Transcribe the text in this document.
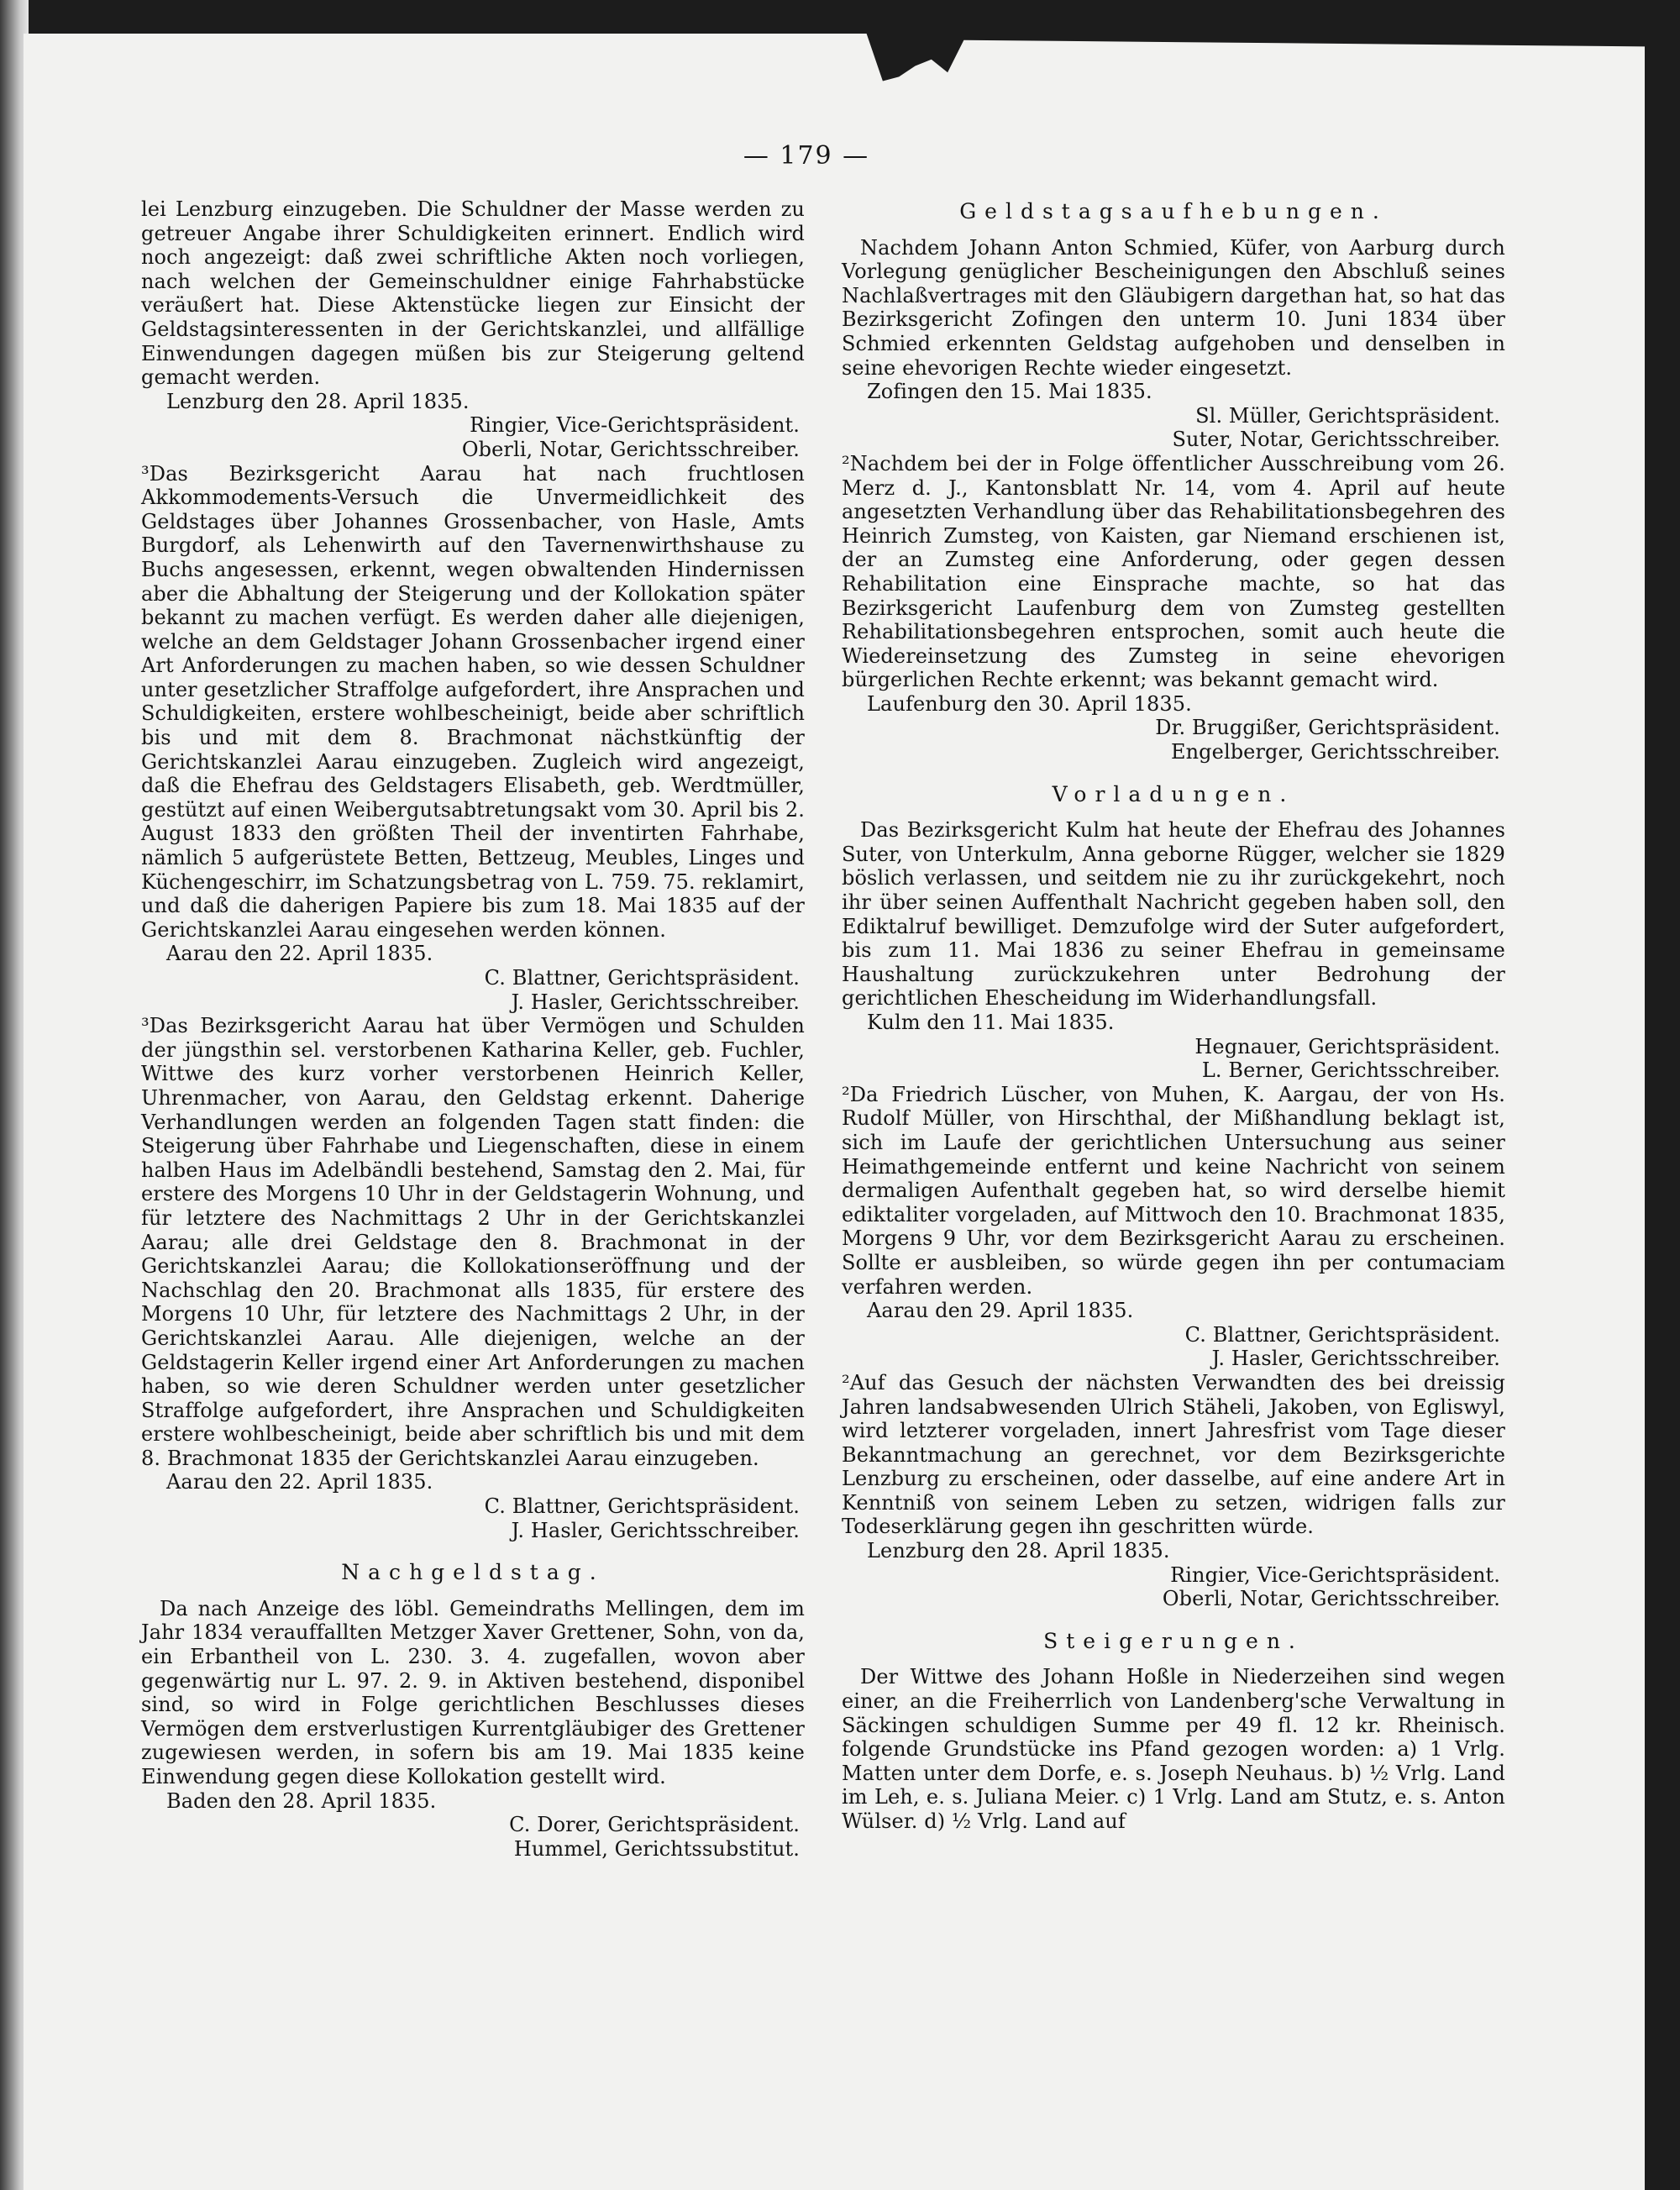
— 179 —

lei Lenzburg einzugeben. Die Schuldner der Masse werden zu getreuer Angabe ihrer Schuldigkeiten erinnert. Endlich wird noch angezeigt: daß zwei schriftliche Akten noch vorliegen, nach welchen der Gemeinschuldner einige Fahrhabstücke veräußert hat. Diese Aktenstücke liegen zur Einsicht der Geldstagsinteressenten in der Gerichtskanzlei, und allfällige Einwendungen dagegen müßen bis zur Steigerung geltend gemacht werden.

Lenzburg den 28. April 1835.

Ringier, Vice-Gerichtspräsident.

Oberli, Notar, Gerichtsschreiber.

³Das Bezirksgericht Aarau hat nach fruchtlosen Akkommodements-Versuch die Unvermeidlichkeit des Geldstages über Johannes Grossenbacher, von Hasle, Amts Burgdorf, als Lehenwirth auf den Tavernenwirthshause zu Buchs angesessen, erkennt, wegen obwaltenden Hindernissen aber die Abhaltung der Steigerung und der Kollokation später bekannt zu machen verfügt. Es werden daher alle diejenigen, welche an dem Geldstager Johann Grossenbacher irgend einer Art Anforderungen zu machen haben, so wie dessen Schuldner unter gesetzlicher Straffolge aufgefordert, ihre Ansprachen und Schuldigkeiten, erstere wohlbescheinigt, beide aber schriftlich bis und mit dem 8. Brachmonat nächstkünftig der Gerichtskanzlei Aarau einzugeben. Zugleich wird angezeigt, daß die Ehefrau des Geldstagers Elisabeth, geb. Werdtmüller, gestützt auf einen Weibergutsabtretungsakt vom 30. April bis 2. August 1833 den größten Theil der inventirten Fahrhabe, nämlich 5 aufgerüstete Betten, Bettzeug, Meubles, Linges und Küchengeschirr, im Schatzungsbetrag von L. 759. 75. reklamirt, und daß die daherigen Papiere bis zum 18. Mai 1835 auf der Gerichtskanzlei Aarau eingesehen werden können.

Aarau den 22. April 1835.

C. Blattner, Gerichtspräsident.

J. Hasler, Gerichtsschreiber.

³Das Bezirksgericht Aarau hat über Vermögen und Schulden der jüngsthin sel. verstorbenen Katharina Keller, geb. Fuchler, Wittwe des kurz vorher verstorbenen Heinrich Keller, Uhrenmacher, von Aarau, den Geldstag erkennt. Daherige Verhandlungen werden an folgenden Tagen statt finden: die Steigerung über Fahrhabe und Liegenschaften, diese in einem halben Haus im Adelbändli bestehend, Samstag den 2. Mai, für erstere des Morgens 10 Uhr in der Geldstagerin Wohnung, und für letztere des Nachmittags 2 Uhr in der Gerichtskanzlei Aarau; alle drei Geldstage den 8. Brachmonat in der Gerichtskanzlei Aarau; die Kollokationseröffnung und der Nachschlag den 20. Brachmonat alls 1835, für erstere des Morgens 10 Uhr, für letztere des Nachmittags 2 Uhr, in der Gerichtskanzlei Aarau. Alle diejenigen, welche an der Geldstagerin Keller irgend einer Art Anforderungen zu machen haben, so wie deren Schuldner werden unter gesetzlicher Straffolge aufgefordert, ihre Ansprachen und Schuldigkeiten erstere wohlbescheinigt, beide aber schriftlich bis und mit dem 8. Brachmonat 1835 der Gerichtskanzlei Aarau einzugeben.

Aarau den 22. April 1835.

C. Blattner, Gerichtspräsident.

J. Hasler, Gerichtsschreiber.

Nachgeldstag.

Da nach Anzeige des löbl. Gemeindraths Mellingen, dem im Jahr 1834 verauffallten Metzger Xaver Grettener, Sohn, von da, ein Erbantheil von L. 230. 3. 4. zugefallen, wovon aber gegenwärtig nur L. 97. 2. 9. in Aktiven bestehend, disponibel sind, so wird in Folge gerichtlichen Beschlusses dieses Vermögen dem erstverlustigen Kurrentgläubiger des Grettener zugewiesen werden, in sofern bis am 19. Mai 1835 keine Einwendung gegen diese Kollokation gestellt wird.

Baden den 28. April 1835.

C. Dorer, Gerichtspräsident.

Hummel, Gerichtssubstitut.

Geldstagsaufhebungen.

Nachdem Johann Anton Schmied, Küfer, von Aarburg durch Vorlegung genüglicher Bescheinigungen den Abschluß seines Nachlaßvertrages mit den Gläubigern dargethan hat, so hat das Bezirksgericht Zofingen den unterm 10. Juni 1834 über Schmied erkennten Geldstag aufgehoben und denselben in seine ehevorigen Rechte wieder eingesetzt.

Zofingen den 15. Mai 1835.

Sl. Müller, Gerichtspräsident.

Suter, Notar, Gerichtsschreiber.

²Nachdem bei der in Folge öffentlicher Ausschreibung vom 26. Merz d. J., Kantonsblatt Nr. 14, vom 4. April auf heute angesetzten Verhandlung über das Rehabilitationsbegehren des Heinrich Zumsteg, von Kaisten, gar Niemand erschienen ist, der an Zumsteg eine Anforderung, oder gegen dessen Rehabilitation eine Einsprache machte, so hat das Bezirksgericht Laufenburg dem von Zumsteg gestellten Rehabilitationsbegehren entsprochen, somit auch heute die Wiedereinsetzung des Zumsteg in seine ehevorigen bürgerlichen Rechte erkennt; was bekannt gemacht wird.

Laufenburg den 30. April 1835.

Dr. Bruggißer, Gerichtspräsident.

Engelberger, Gerichtsschreiber.

Vorladungen.

Das Bezirksgericht Kulm hat heute der Ehefrau des Johannes Suter, von Unterkulm, Anna geborne Rügger, welcher sie 1829 böslich verlassen, und seitdem nie zu ihr zurückgekehrt, noch ihr über seinen Auffenthalt Nachricht gegeben haben soll, den Ediktalruf bewilliget. Demzufolge wird der Suter aufgefordert, bis zum 11. Mai 1836 zu seiner Ehefrau in gemeinsame Haushaltung zurückzukehren unter Bedrohung der gerichtlichen Ehescheidung im Widerhandlungsfall.

Kulm den 11. Mai 1835.

Hegnauer, Gerichtspräsident.

L. Berner, Gerichtsschreiber.

²Da Friedrich Lüscher, von Muhen, K. Aargau, der von Hs. Rudolf Müller, von Hirschthal, der Mißhandlung beklagt ist, sich im Laufe der gerichtlichen Untersuchung aus seiner Heimathgemeinde entfernt und keine Nachricht von seinem dermaligen Aufenthalt gegeben hat, so wird derselbe hiemit ediktaliter vorgeladen, auf Mittwoch den 10. Brachmonat 1835, Morgens 9 Uhr, vor dem Bezirksgericht Aarau zu erscheinen. Sollte er ausbleiben, so würde gegen ihn per contumaciam verfahren werden.

Aarau den 29. April 1835.

C. Blattner, Gerichtspräsident.

J. Hasler, Gerichtsschreiber.

²Auf das Gesuch der nächsten Verwandten des bei dreissig Jahren landsabwesenden Ulrich Stäheli, Jakoben, von Egliswyl, wird letzterer vorgeladen, innert Jahresfrist vom Tage dieser Bekanntmachung an gerechnet, vor dem Bezirksgerichte Lenzburg zu erscheinen, oder dasselbe, auf eine andere Art in Kenntniß von seinem Leben zu setzen, widrigen falls zur Todeserklärung gegen ihn geschritten würde.

Lenzburg den 28. April 1835.

Ringier, Vice-Gerichtspräsident.

Oberli, Notar, Gerichtsschreiber.

Steigerungen.

Der Wittwe des Johann Hoßle in Niederzeihen sind wegen einer, an die Freiherrlich von Landenberg'sche Verwaltung in Säckingen schuldigen Summe per 49 fl. 12 kr. Rheinisch. folgende Grundstücke ins Pfand gezogen worden: a) 1 Vrlg. Matten unter dem Dorfe, e. s. Joseph Neuhaus. b) ½ Vrlg. Land im Leh, e. s. Juliana Meier. c) 1 Vrlg. Land am Stutz, e. s. Anton Wülser. d) ½ Vrlg. Land auf
